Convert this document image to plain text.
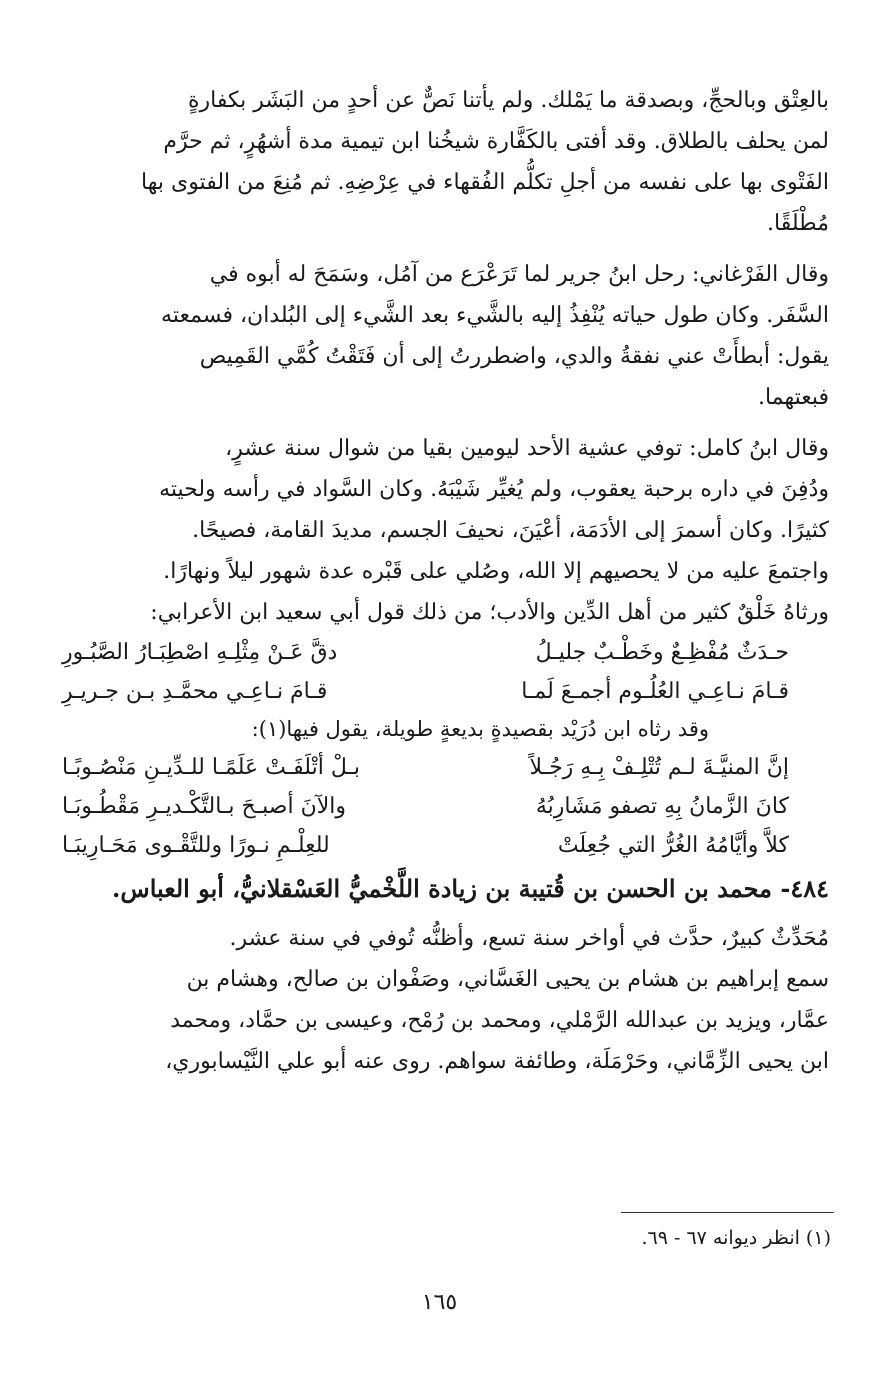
بالعِتْق وبالحجِّ، وبصدقة ما يَمْلك. ولم يأتنا نَصٌّ عن أحدٍ من البَشَر بكفارةٍ
لمن يحلف بالطلاق. وقد أفتى بالكَفَّارة شيخُنا ابن تيمية مدة أشهُرٍ، ثم حرَّم
الفَتْوى بها على نفسه من أجلِ تكلُّم الفُقهاء في عِرْضِهِ. ثم مُنِعَ من الفتوى بها
مُطْلَقًا.

وقال الفَرْغاني: رحل ابنُ جرير لما تَرَعْرَع من آمُل، وسَمَحَ له أبوه في
السَّفَر. وكان طول حياته يُنْفِذُ إليه بالشَّيء بعد الشَّيء إلى البُلدان، فسمعته
يقول: أبطأَتْ عني نفقةُ والدي، واضطررتُ إلى أن فَتَقْتُ كُمَّي القَمِيص
فبعتهما.

وقال ابنُ كامل: توفي عشية الأحد ليومين بقيا من شوال سنة عشرٍ،
ودُفِنَ في داره برحبة يعقوب، ولم يُغيِّر شَيْبَهُ. وكان السَّواد في رأسه ولحيته
كثيرًا. وكان أسمرَ إلى الأدَمَة، أعْيَنَ، نحيفَ الجسم، مديدَ القامة، فصيحًا.
واجتمعَ عليه من لا يحصيهم إلا الله، وصُلي على قَبْره عدة شهور ليلاً ونهارًا.
ورثاهُ خَلْقٌ كثير من أهل الدِّين والأدب؛ من ذلك قول أبي سعيد ابن الأعرابي:

حـدَثٌ مُفْظِـعٌ وخَطْـبٌ جليـلُ
دقَّ عَـنْ مِثْلِـهِ اصْطِبَـارُ الصَّبُـورِ
قـامَ نـاعِـي العُلُـوم أجمـعَ لَمـا
قـامَ نـاعِـي محمَّـدِ بـن جـريـرِ
وقد رثاه ابن دُرَيْد بقصيدةٍ بديعةٍ طويلة، يقول فيها(١):
إنَّ المنيَّـةَ لـم تُتْلِـفْ بِـهِ رَجُـلاً
بـلْ أتْلَفَـتْ عَلَمًـا للـدِّيـنِ مَنْصُـوبًـا
كانَ الزَّمانُ بِهِ تصفو مَشَارِبُهُ
والآنَ أصبـحَ بـالتَّكْـديـرِ مَقْطُـوبَـا
كلاَّ وأيَّامُهُ الغُرُّ التي جُعِلَتْ
للعِلْـمِ نـورًا وللتَّقْـوى مَحَـارِيبَـا
٤٨٤- محمد بن الحسن بن قُتيبة بن زيادة اللَّخْميُّ العَسْقلانيُّ، أبو العباس.

مُحَدِّثٌ كبيرٌ، حدَّث في أواخر سنة تسع، وأظنُّه تُوفي في سنة عشر.
سمع إبراهيم بن هشام بن يحيى الغَسَّاني، وصَفْوان بن صالح، وهشام بن
عمَّار، ويزيد بن عبدالله الرَّمْلي، ومحمد بن رُمْح، وعيسى بن حمَّاد، ومحمد
ابن يحيى الزِّمَّاني، وحَرْمَلَة، وطائفة سواهم. روى عنه أبو علي النَّيْسابوري،

(١) انظر ديوانه ٦٧ - ٦٩.
١٦٥
